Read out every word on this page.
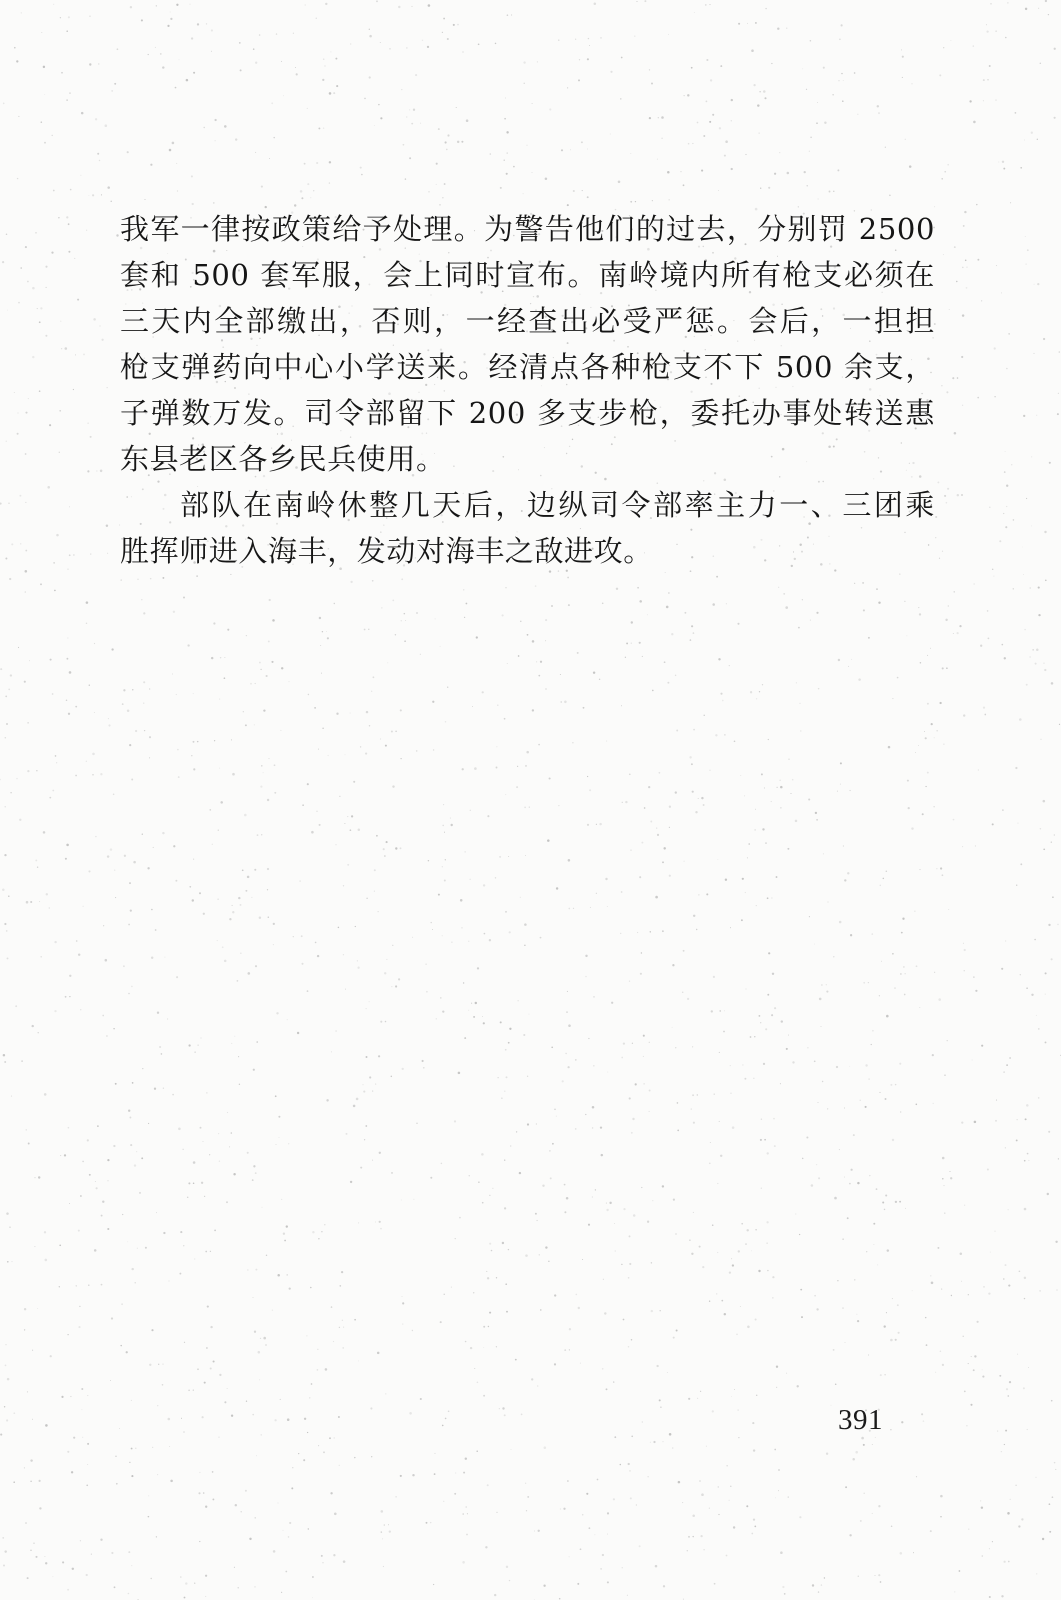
我军一律按政策给予处理。为警告他们的过去，分别罚 2500
套和 500 套军服，会上同时宣布。南岭境内所有枪支必须在
三天内全部缴出，否则，一经查出必受严惩。会后，一担担
枪支弹药向中心小学送来。经清点各种枪支不下 500 余支，
子弹数万发。司令部留下 200 多支步枪，委托办事处转送惠
东县老区各乡民兵使用。

部队在南岭休整几天后，边纵司令部率主力一、三团乘
胜挥师进入海丰，发动对海丰之敌进攻。

391
